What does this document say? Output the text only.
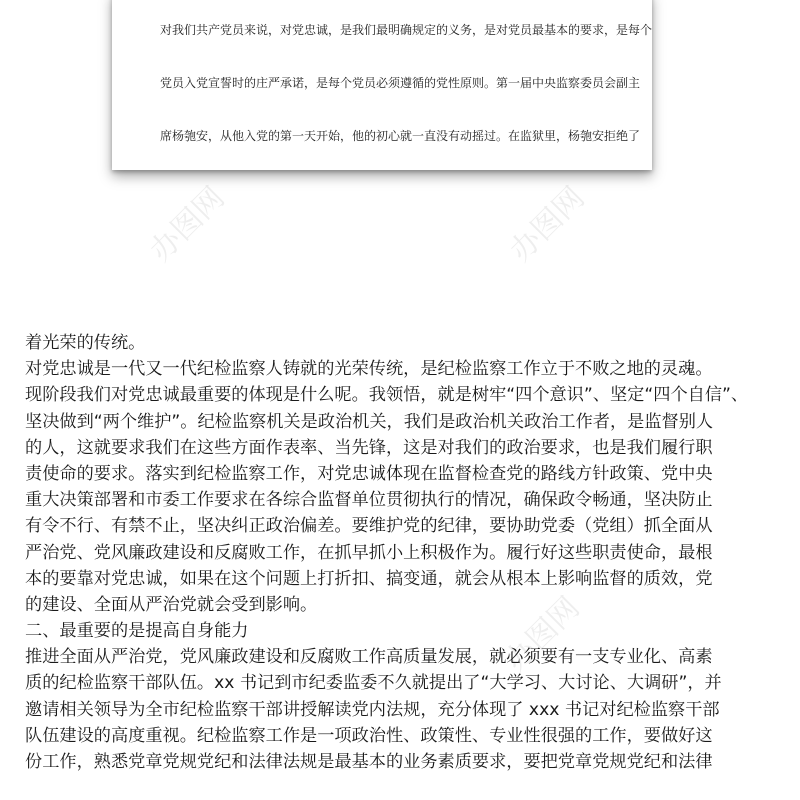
对我们共产党员来说，对党忠诚，是我们最明确规定的义务，是对党员最基本的要求，是每个

党员入党宣誓时的庄严承诺，是每个党员必须遵循的党性原则。第一届中央监察委员会副主

席杨匏安，从他入党的第一天开始，他的初心就一直没有动摇过。在监狱里，杨匏安拒绝了

办图网	办图网
办图网
着光荣的传统。
对党忠诚是一代又一代纪检监察人铸就的光荣传统，是纪检监察工作立于不败之地的灵魂。
现阶段我们对党忠诚最重要的体现是什么呢。我领悟，就是树牢“四个意识”、坚定“四个自信”、
坚决做到“两个维护”。纪检监察机关是政治机关，我们是政治机关政治工作者，是监督别人
的人，这就要求我们在这些方面作表率、当先锋，这是对我们的政治要求，也是我们履行职
责使命的要求。落实到纪检监察工作，对党忠诚体现在监督检查党的路线方针政策、党中央
重大决策部署和市委工作要求在各综合监督单位贯彻执行的情况，确保政令畅通，坚决防止
有令不行、有禁不止，坚决纠正政治偏差。要维护党的纪律，要协助党委（党组）抓全面从
严治党、党风廉政建设和反腐败工作，在抓早抓小上积极作为。履行好这些职责使命，最根
本的要靠对党忠诚，如果在这个问题上打折扣、搞变通，就会从根本上影响监督的质效，党
的建设、全面从严治党就会受到影响。
二、最重要的是提高自身能力
推进全面从严治党，党风廉政建设和反腐败工作高质量发展，就必须要有一支专业化、高素
质的纪检监察干部队伍。xx 书记到市纪委监委不久就提出了“大学习、大讨论、大调研”，并
邀请相关领导为全市纪检监察干部讲授解读党内法规，充分体现了 xxx 书记对纪检监察干部
队伍建设的高度重视。纪检监察工作是一项政治性、政策性、专业性很强的工作，要做好这
份工作，熟悉党章党规党纪和法律法规是最基本的业务素质要求，要把党章党规党纪和法律
